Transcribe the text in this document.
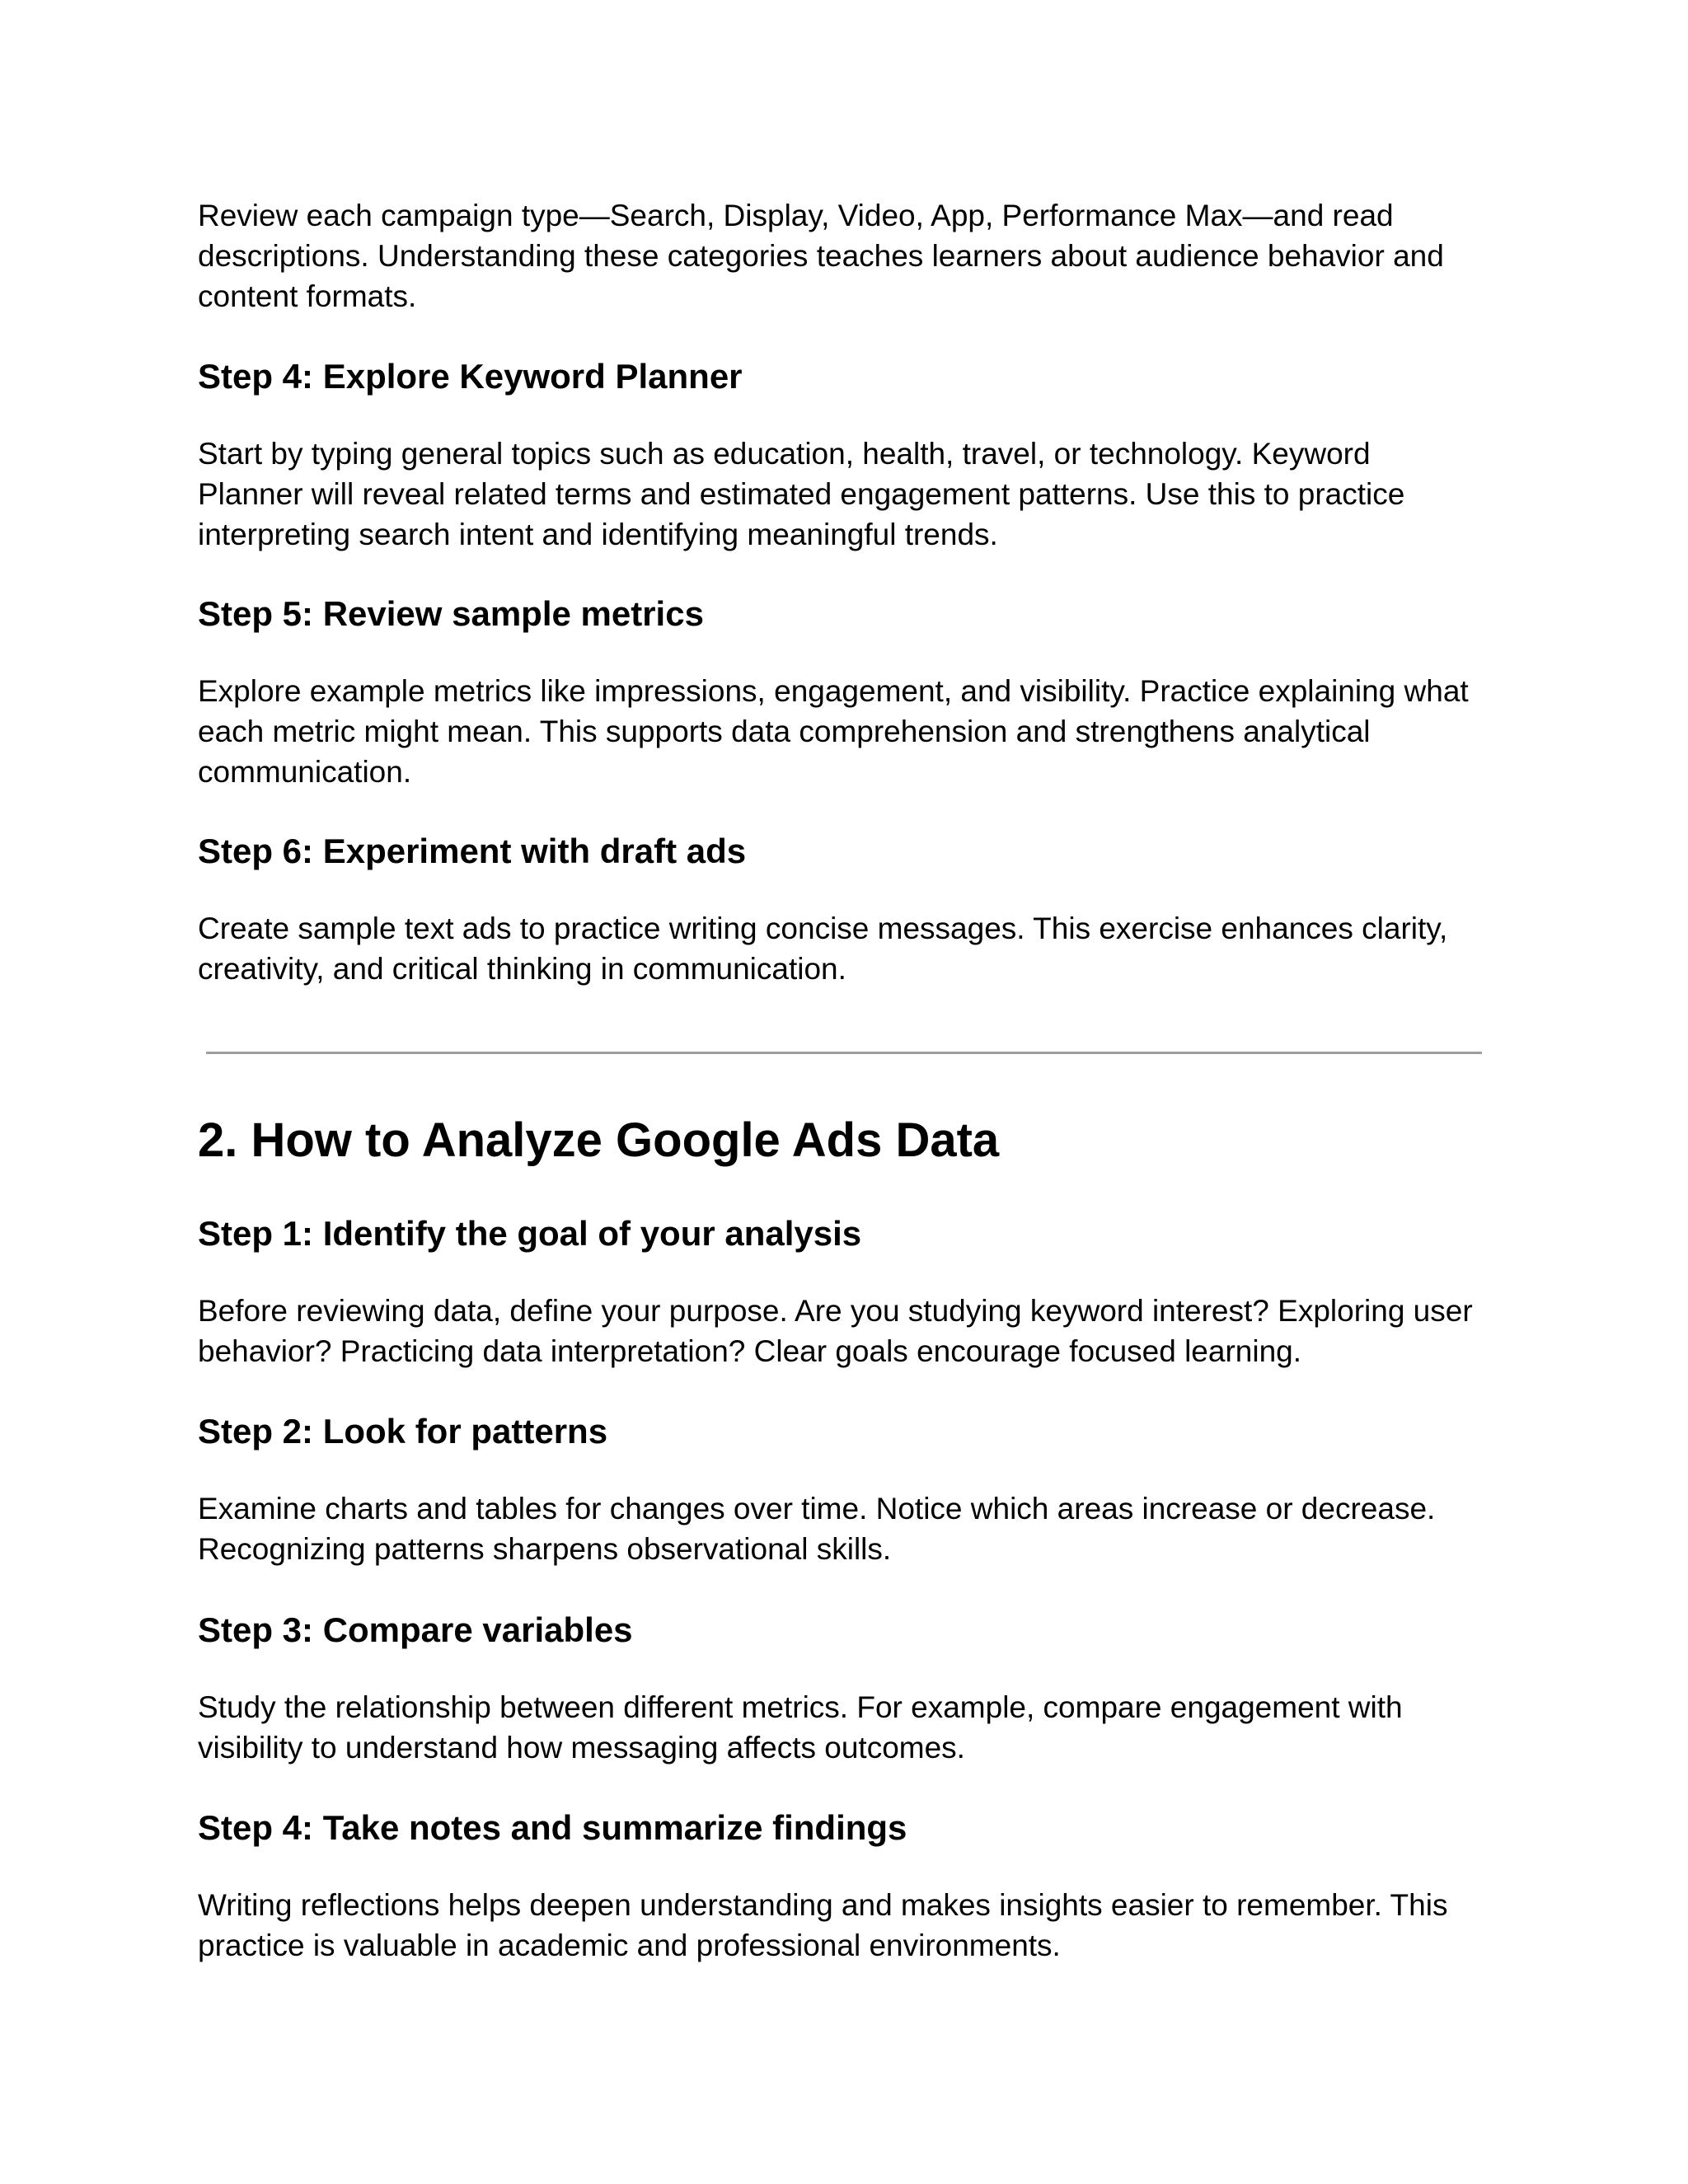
Review each campaign type—Search, Display, Video, App, Performance Max—and read descriptions. Understanding these categories teaches learners about audience behavior and content formats.

Step 4: Explore Keyword Planner

Start by typing general topics such as education, health, travel, or technology. Keyword Planner will reveal related terms and estimated engagement patterns. Use this to practice interpreting search intent and identifying meaningful trends.

Step 5: Review sample metrics

Explore example metrics like impressions, engagement, and visibility. Practice explaining what each metric might mean. This supports data comprehension and strengthens analytical communication.

Step 6: Experiment with draft ads

Create sample text ads to practice writing concise messages. This exercise enhances clarity, creativity, and critical thinking in communication.

2. How to Analyze Google Ads Data
Step 1: Identify the goal of your analysis

Before reviewing data, define your purpose. Are you studying keyword interest? Exploring user behavior? Practicing data interpretation? Clear goals encourage focused learning.

Step 2: Look for patterns

Examine charts and tables for changes over time. Notice which areas increase or decrease. Recognizing patterns sharpens observational skills.

Step 3: Compare variables

Study the relationship between different metrics. For example, compare engagement with visibility to understand how messaging affects outcomes.

Step 4: Take notes and summarize findings

Writing reflections helps deepen understanding and makes insights easier to remember. This practice is valuable in academic and professional environments.
